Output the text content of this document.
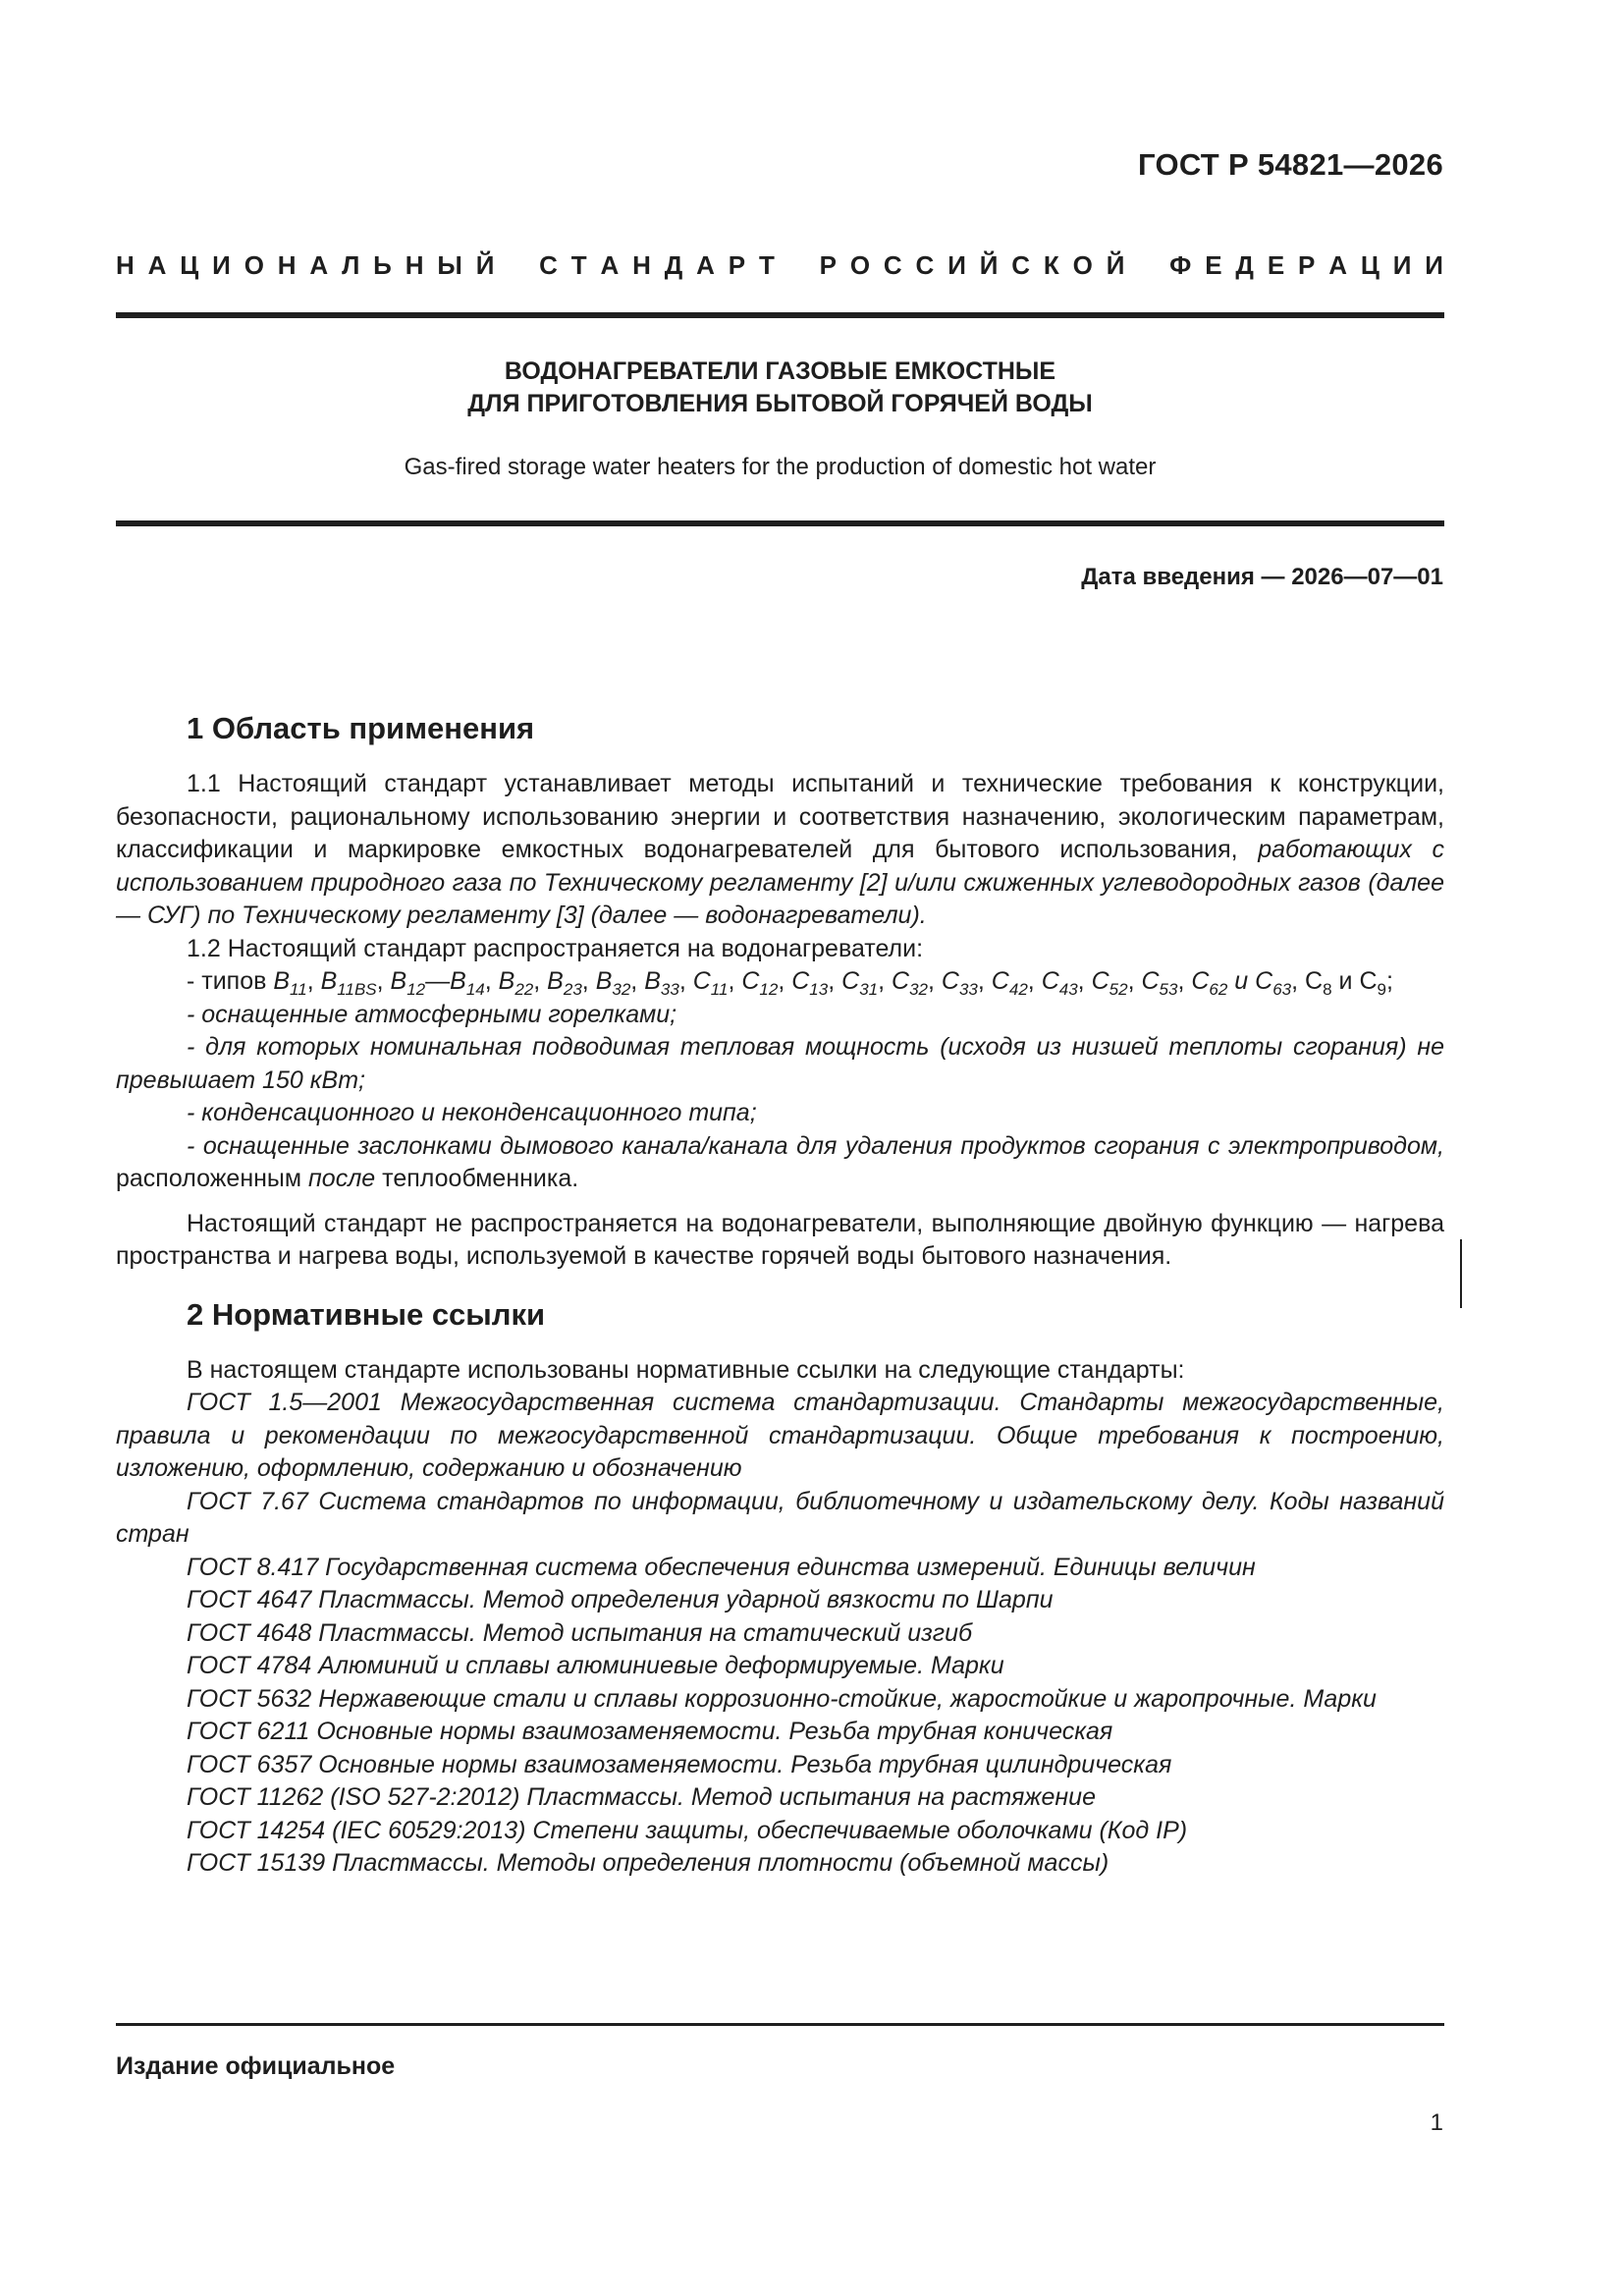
ГОСТ Р 54821—2026
Н А Ц И О Н А Л Ь Н Ы Й
С Т А Н Д А Р Т
Р О С С И Й С К О Й
Ф Е Д Е Р А Ц И И
ВОДОНАГРЕВАТЕЛИ ГАЗОВЫЕ ЕМКОСТНЫЕ
ДЛЯ ПРИГОТОВЛЕНИЯ БЫТОВОЙ ГОРЯЧЕЙ ВОДЫ
Gas-fired storage water heaters for the production of domestic hot water
Дата введения — 2026—07—01
1 Область применения

1.1 Настоящий стандарт устанавливает методы испытаний и технические требования к конструкции, безопасности, рациональному использованию энергии и соответствия назначению, экологическим параметрам, классификации и маркировке емкостных водонагревателей для бытового использования, работающих с использованием природного газа по Техническому регламенту [2] и/или сжиженных углеводородных газов (далее — СУГ) по Техническому регламенту [3] (далее — водонагреватели).

1.2 Настоящий стандарт распространяется на водонагреватели:

- типов $B_{11}$, $B_{11BS}$, $B_{12}—B_{14}$, $B_{22}$, $B_{23}$, $B_{32}$, $B_{33}$, $C_{11}$, $C_{12}$, $C_{13}$, $C_{31}$, $C_{32}$, $C_{33}$, $C_{42}$, $C_{43}$, $C_{52}$, $C_{53}$, $C_{62}$ и $C_{63}$, $C_8$ и $C_9$;

- оснащенные атмосферными горелками;

- для которых номинальная подводимая тепловая мощность (исходя из низшей теплоты сгорания) не превышает 150 кВт;

- конденсационного и неконденсационного типа;

- оснащенные заслонками дымового канала/канала для удаления продуктов сгорания с электроприводом, расположенным после теплообменника.

Настоящий стандарт не распространяется на водонагреватели, выполняющие двойную функцию — нагрева пространства и нагрева воды, используемой в качестве горячей воды бытового назначения.

2 Нормативные ссылки

В настоящем стандарте использованы нормативные ссылки на следующие стандарты:

ГОСТ 1.5—2001 Межгосударственная система стандартизации. Стандарты межгосударственные, правила и рекомендации по межгосударственной стандартизации. Общие требования к построению, изложению, оформлению, содержанию и обозначению

ГОСТ 7.67 Система стандартов по информации, библиотечному и издательскому делу. Коды названий стран

ГОСТ 8.417 Государственная система обеспечения единства измерений. Единицы величин

ГОСТ 4647 Пластмассы. Метод определения ударной вязкости по Шарпи

ГОСТ 4648 Пластмассы. Метод испытания на статический изгиб

ГОСТ 4784 Алюминий и сплавы алюминиевые деформируемые. Марки

ГОСТ 5632 Нержавеющие стали и сплавы коррозионно-стойкие, жаростойкие и жаропрочные. Марки

ГОСТ 6211 Основные нормы взаимозаменяемости. Резьба трубная коническая

ГОСТ 6357 Основные нормы взаимозаменяемости. Резьба трубная цилиндрическая

ГОСТ 11262 (ISO 527-2:2012) Пластмассы. Метод испытания на растяжение

ГОСТ 14254 (IEC 60529:2013) Степени защиты, обеспечиваемые оболочками (Код IP)

ГОСТ 15139 Пластмассы. Методы определения плотности (объемной массы)

Издание официальное
1
